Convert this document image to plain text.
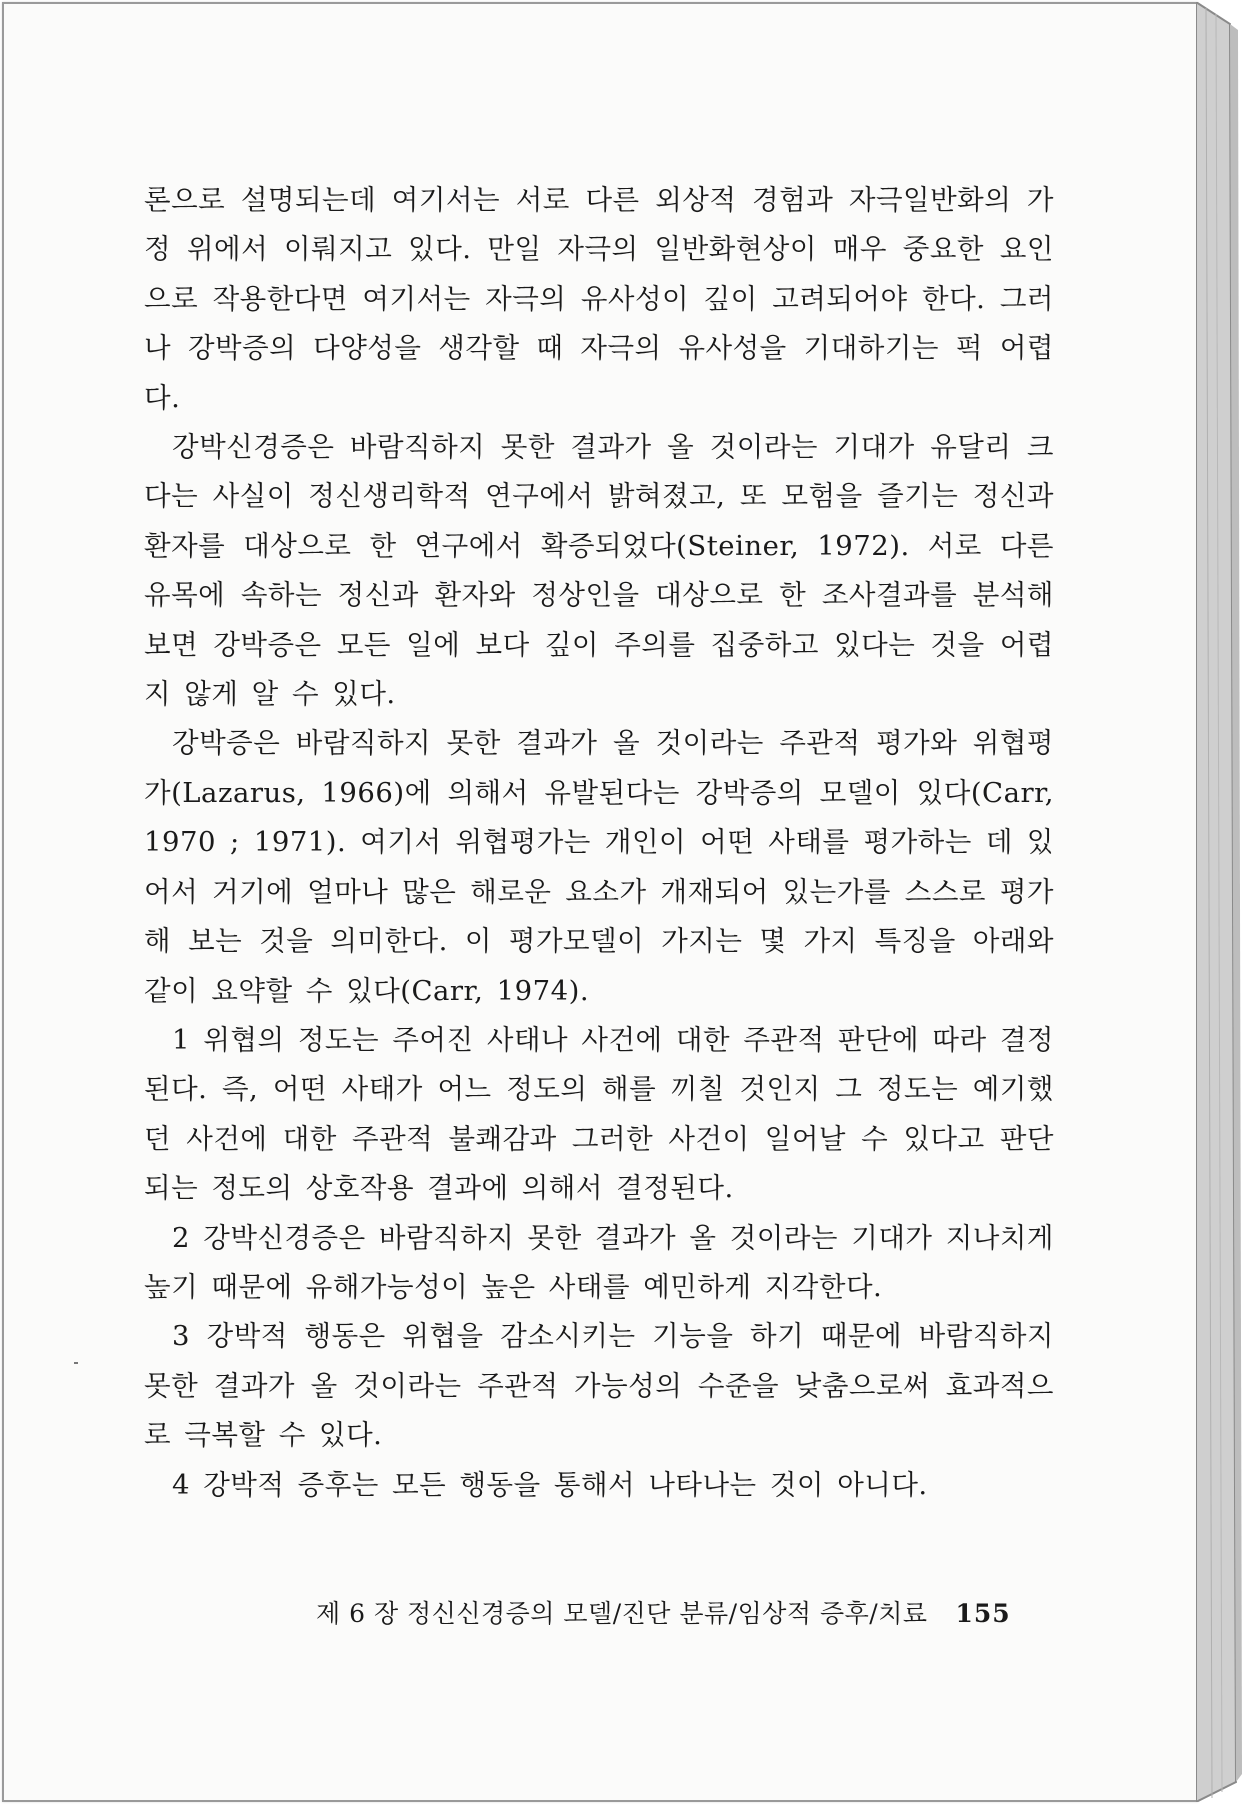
론으로 설명되는데 여기서는 서로 다른 외상적 경험과 자극일반화의 가정 위에서 이뤄지고 있다. 만일 자극의 일반화현상이 매우 중요한 요인으로 작용한다면 여기서는 자극의 유사성이 깊이 고려되어야 한다. 그러나 강박증의 다양성을 생각할 때 자극의 유사성을 기대하기는 퍽 어렵다.

강박신경증은 바람직하지 못한 결과가 올 것이라는 기대가 유달리 크다는 사실이 정신생리학적 연구에서 밝혀졌고, 또 모험을 즐기는 정신과 환자를 대상으로 한 연구에서 확증되었다(Steiner, 1972). 서로 다른 유목에 속하는 정신과 환자와 정상인을 대상으로 한 조사결과를 분석해 보면 강박증은 모든 일에 보다 깊이 주의를 집중하고 있다는 것을 어렵지 않게 알 수 있다.

강박증은 바람직하지 못한 결과가 올 것이라는 주관적 평가와 위협평가(Lazarus, 1966)에 의해서 유발된다는 강박증의 모델이 있다(Carr, 1970 ; 1971). 여기서 위협평가는 개인이 어떤 사태를 평가하는 데 있어서 거기에 얼마나 많은 해로운 요소가 개재되어 있는가를 스스로 평가해 보는 것을 의미한다. 이 평가모델이 가지는 몇 가지 특징을 아래와 같이 요약할 수 있다(Carr, 1974).

1 위협의 정도는 주어진 사태나 사건에 대한 주관적 판단에 따라 결정된다. 즉, 어떤 사태가 어느 정도의 해를 끼칠 것인지 그 정도는 예기했던 사건에 대한 주관적 불쾌감과 그러한 사건이 일어날 수 있다고 판단되는 정도의 상호작용 결과에 의해서 결정된다.

2 강박신경증은 바람직하지 못한 결과가 올 것이라는 기대가 지나치게 높기 때문에 유해가능성이 높은 사태를 예민하게 지각한다.

3 강박적 행동은 위협을 감소시키는 기능을 하기 때문에 바람직하지 못한 결과가 올 것이라는 주관적 가능성의 수준을 낮춤으로써 효과적으로 극복할 수 있다.

4 강박적 증후는 모든 행동을 통해서 나타나는 것이 아니다.

제 6 장 정신신경증의 모델/진단 분류/임상적 증후/치료 155
